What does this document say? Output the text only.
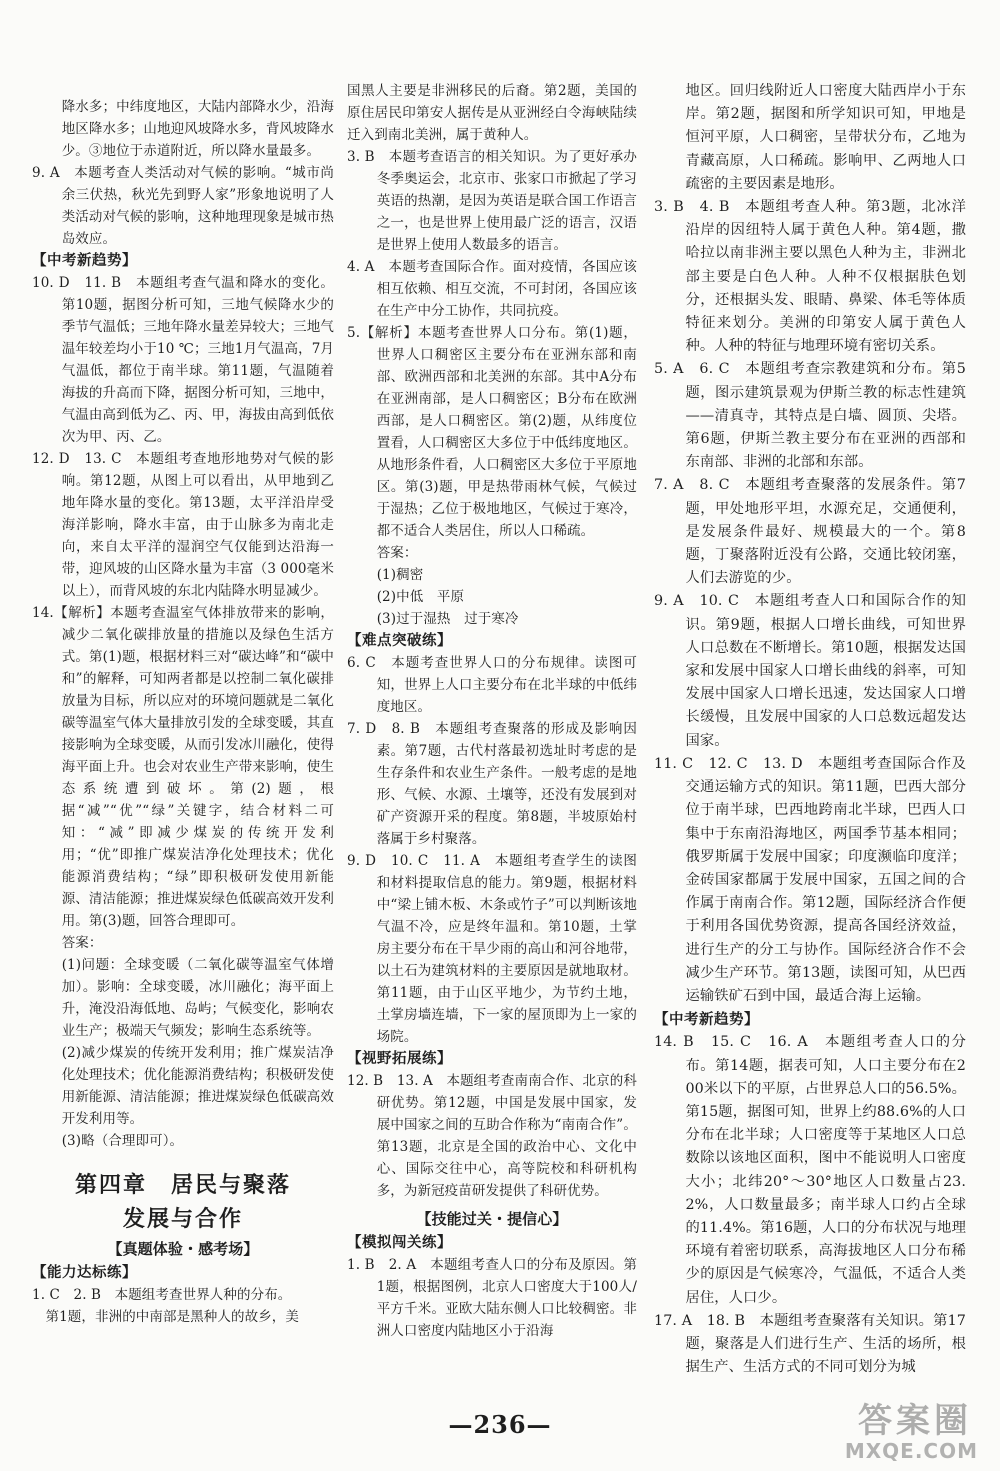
降水多；中纬度地区，大陆内部降水少，沿海地区降水多；山地迎风坡降水多，背风坡降水少。③地位于赤道附近，所以降水量最多。

9. A　本题考查人类活动对气候的影响。“城市尚余三伏热，秋光先到野人家”形象地说明了人类活动对气候的影响，这种地理现象是城市热岛效应。

【中考新趋势】

10. D　11. B　本题组考查气温和降水的变化。第10题，据图分析可知，三地气候降水少的季节气温低；三地年降水量差异较大；三地气温年较差均小于10 ℃；三地1月气温高，7月气温低，都位于南半球。第11题，气温随着海拔的升高而下降，据图分析可知，三地中，气温由高到低为乙、丙、甲，海拔由高到低依次为甲、丙、乙。

12. D　13. C　本题组考查地形地势对气候的影响。第12题，从图上可以看出，从甲地到乙地年降水量的变化。第13题，太平洋沿岸受海洋影响，降水丰富，由于山脉多为南北走向，来自太平洋的湿润空气仅能到达沿海一带，迎风坡的山区降水量为丰富（3 000毫米以上），而背风坡的东北内陆降水明显减少。

14.【解析】本题考查温室气体排放带来的影响，减少二氧化碳排放量的措施以及绿色生活方式。第(1)题，根据材料三对“碳达峰”和“碳中和”的解释，可知两者都是以控制二氧化碳排放量为目标，所以应对的环境问题就是二氧化碳等温室气体大量排放引发的全球变暖，其直接影响为全球变暖，从而引发冰川融化，使得海平面上升。也会对农业生产带来影响，使生态系统遭到破坏。第(2)题，根据“减”“优”“绿”关键字，结合材料二可知：“减”即减少煤炭的传统开发利用；“优”即推广煤炭洁净化处理技术；优化能源消费结构；“绿”即积极研发使用新能源、清洁能源；推进煤炭绿色低碳高效开发利用。第(3)题，回答合理即可。

答案：

(1)问题：全球变暖（二氧化碳等温室气体增加）。影响：全球变暖，冰川融化；海平面上升，淹没沿海低地、岛屿；气候变化，影响农业生产；极端天气频发；影响生态系统等。

(2)减少煤炭的传统开发利用；推广煤炭洁净化处理技术；优化能源消费结构；积极研发使用新能源、清洁能源；推进煤炭绿色低碳高效开发利用等。

(3)略（合理即可）。

第四章　居民与聚落
发展与合作

【真题体验・感考场】

【能力达标练】

1. C　2. B　本题组考查世界人种的分布。

第1题，非洲的中南部是黑种人的故乡，美

国黑人主要是非洲移民的后裔。第2题，美国的原住居民印第安人据传是从亚洲经白令海峡陆续迁入到南北美洲，属于黄种人。

3. B　本题考查语言的相关知识。为了更好承办冬季奥运会，北京市、张家口市掀起了学习英语的热潮，是因为英语是联合国工作语言之一，也是世界上使用最广泛的语言，汉语是世界上使用人数最多的语言。

4. A　本题考查国际合作。面对疫情，各国应该相互依赖、相互交流，不可封闭，各国应该在生产中分工协作，共同抗疫。

5.【解析】本题考查世界人口分布。第(1)题，世界人口稠密区主要分布在亚洲东部和南部、欧洲西部和北美洲的东部。其中A分布在亚洲南部，是人口稠密区；B分布在欧洲西部，是人口稠密区。第(2)题，从纬度位置看，人口稠密区大多位于中低纬度地区。从地形条件看，人口稠密区大多位于平原地区。第(3)题，甲是热带雨林气候，气候过于湿热；乙位于极地地区，气候过于寒冷，都不适合人类居住，所以人口稀疏。

答案：

(1)稠密

(2)中低　平原

(3)过于湿热　过于寒冷

【难点突破练】

6. C　本题考查世界人口的分布规律。读图可知，世界上人口主要分布在北半球的中低纬度地区。

7. D　8. B　本题组考查聚落的形成及影响因素。第7题，古代村落最初选址时考虑的是生存条件和农业生产条件。一般考虑的是地形、气候、水源、土壤等，还没有发展到对矿产资源开采的程度。第8题，半坡原始村落属于乡村聚落。

9. D　10. C　11. A　本题组考查学生的读图和材料提取信息的能力。第9题，根据材料中“梁上铺木板、木条或竹子”可以判断该地气温不冷，应是终年温和。第10题，土掌房主要分布在干旱少雨的高山和河谷地带，以土石为建筑材料的主要原因是就地取材。第11题，由于山区平地少，为节约土地，土掌房墙连墙，下一家的屋顶即为上一家的场院。

【视野拓展练】

12. B　13. A　本题组考查南南合作、北京的科研优势。第12题，中国是发展中国家，发展中国家之间的互助合作称为“南南合作”。第13题，北京是全国的政治中心、文化中心、国际交往中心，高等院校和科研机构多，为新冠疫苗研发提供了科研优势。

【技能过关・提信心】

【模拟闯关练】

1. B　2. A　本题组考查人口的分布及原因。第1题，根据图例，北京人口密度大于100人/平方千米。亚欧大陆东侧人口比较稠密。非洲人口密度内陆地区小于沿海

地区。回归线附近人口密度大陆西岸小于东岸。第2题，据图和所学知识可知，甲地是恒河平原，人口稠密，呈带状分布，乙地为青藏高原，人口稀疏。影响甲、乙两地人口疏密的主要因素是地形。

3. B　4. B　本题组考查人种。第3题，北冰洋沿岸的因纽特人属于黄色人种。第4题，撒哈拉以南非洲主要以黑色人种为主，非洲北部主要是白色人种。人种不仅根据肤色划分，还根据头发、眼睛、鼻梁、体毛等体质特征来划分。美洲的印第安人属于黄色人种。人种的特征与地理环境有密切关系。

5. A　6. C　本题组考查宗教建筑和分布。第5题，图示建筑景观为伊斯兰教的标志性建筑——清真寺，其特点是白墙、圆顶、尖塔。第6题，伊斯兰教主要分布在亚洲的西部和东南部、非洲的北部和东部。

7. A　8. C　本题组考查聚落的发展条件。第7题，甲处地形平坦，水源充足，交通便利，是发展条件最好、规模最大的一个。第8题，丁聚落附近没有公路，交通比较闭塞，人们去游览的少。

9. A　10. C　本题组考查人口和国际合作的知识。第9题，根据人口增长曲线，可知世界人口总数在不断增长。第10题，根据发达国家和发展中国家人口增长曲线的斜率，可知发展中国家人口增长迅速，发达国家人口增长缓慢，且发展中国家的人口总数远超发达国家。

11. C　12. C　13. D　本题组考查国际合作及交通运输方式的知识。第11题，巴西大部分位于南半球，巴西地跨南北半球，巴西人口集中于东南沿海地区，两国季节基本相同；俄罗斯属于发展中国家；印度濒临印度洋；金砖国家都属于发展中国家，五国之间的合作属于南南合作。第12题，国际经济合作便于利用各国优势资源，提高各国经济效益，进行生产的分工与协作。国际经济合作不会减少生产环节。第13题，读图可知，从巴西运输铁矿石到中国，最适合海上运输。

【中考新趋势】

14. B　15. C　16. A　本题组考查人口的分布。第14题，据表可知，人口主要分布在200米以下的平原，占世界总人口的56.5%。第15题，据图可知，世界上约88.6%的人口分布在北半球；人口密度等于某地区人口总数除以该地区面积，图中不能说明人口密度大小；北纬20°～30°地区人口数量占23.2%，人口数量最多；南半球人口约占全球的11.4%。第16题，人口的分布状况与地理环境有着密切联系，高海拔地区人口分布稀少的原因是气候寒冷，气温低，不适合人类居住，人口少。

17. A　18. B　本题组考查聚落有关知识。第17题，聚落是人们进行生产、生活的场所，根据生产、生活方式的不同可划分为城

—236—	答案圈
MXQE.COM
